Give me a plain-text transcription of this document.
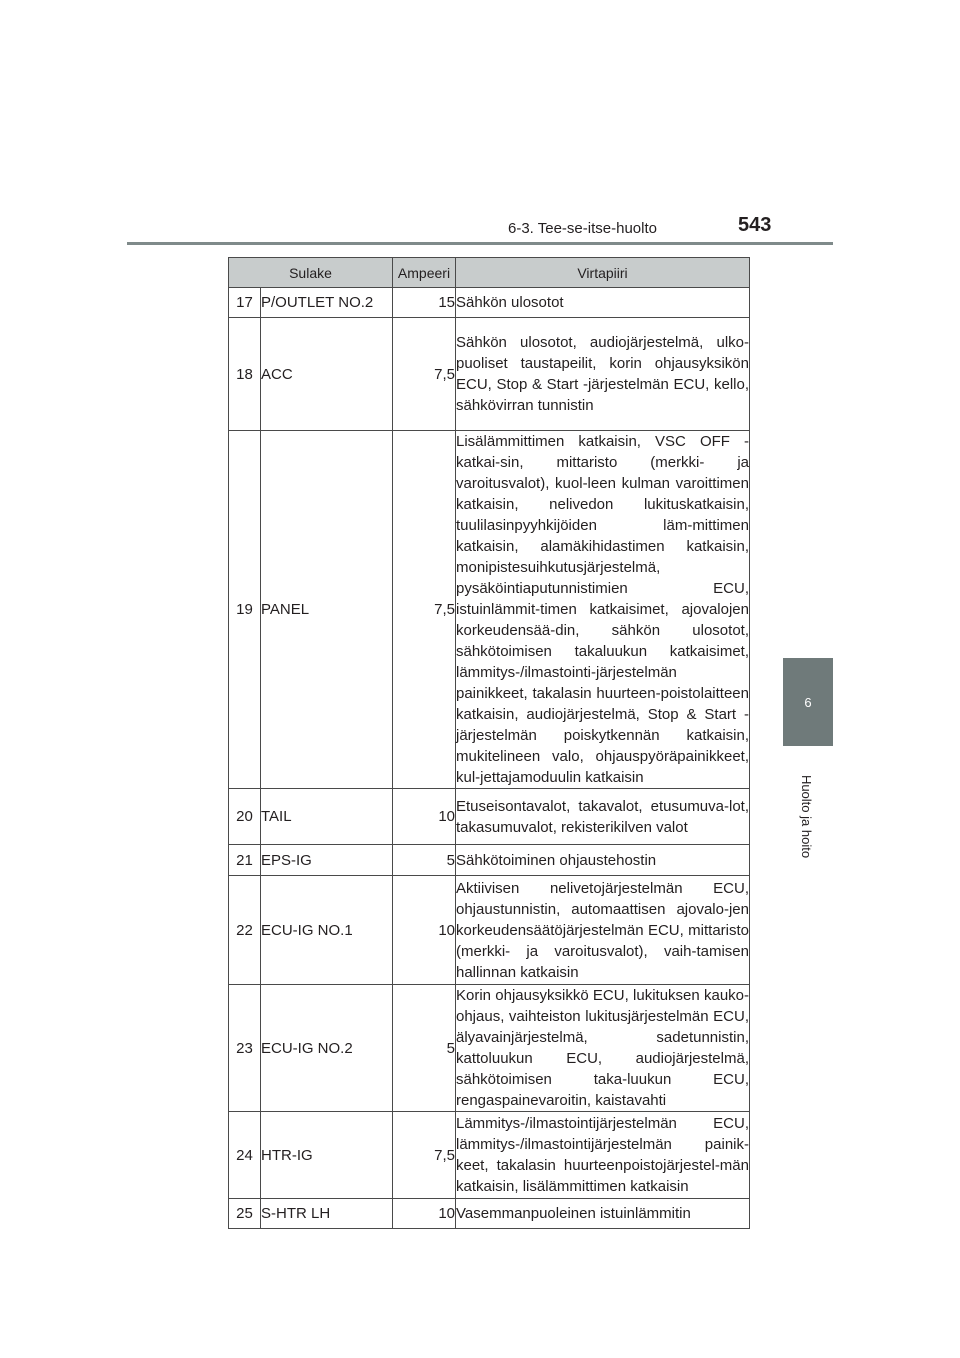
6-3. Tee-se-itse-huolto	543
6
Huolto ja hoito
Sulake		Ampeeri	Virtapiiri
17	P/OUTLET NO.2	15	Sähkön ulosotot
18	ACC	7,5	Sähkön ulosotot, audiojärjestelmä, ulko-puoliset taustapeilit, korin ohjausyksikön ECU, Stop & Start -järjestelmän ECU, kello, sähkövirran tunnistin
19	PANEL	7,5	Lisälämmittimen katkaisin, VSC OFF -katkai-sin, mittaristo (merkki- ja varoitusvalot), kuol-leen kulman varoittimen katkaisin, nelivedon lukituskatkaisin, tuulilasinpyyhkijöiden läm-mittimen katkaisin, alamäkihidastimen katkaisin, monipistesuihkutusjärjestelmä, pysäköintiaputunnistimien ECU, istuinlämmit-timen katkaisimet, ajovalojen korkeudensää-din, sähkön ulosotot, sähkötoimisen takaluukun katkaisimet, lämmitys-/ilmastointi-järjestelmän painikkeet, takalasin huurteen-poistolaitteen katkaisin, audiojärjestelmä, Stop & Start -järjestelmän poiskytkennän katkaisin, mukitelineen valo, ohjauspyöräpainikkeet, kul-jettajamoduulin katkaisin
20	TAIL	10	Etuseisontavalot, takavalot, etusumuva-lot, takasumuvalot, rekisterikilven valot
21	EPS-IG	5	Sähkötoiminen ohjaustehostin
22	ECU-IG NO.1	10	Aktiivisen nelivetojärjestelmän ECU, ohjaustunnistin, automaattisen ajovalo-jen korkeudensäätöjärjestelmän ECU, mittaristo (merkki- ja varoitusvalot), vaih-tamisen hallinnan katkaisin
23	ECU-IG NO.2	5	Korin ohjausyksikkö ECU, lukituksen kauko-ohjaus, vaihteiston lukitusjärjestelmän ECU, älyavainjärjestelmä, sadetunnistin, kattoluukun ECU, audiojärjestelmä, sähkötoimisen taka-luukun ECU, rengaspainevaroitin, kaistavahti
24	HTR-IG	7,5	Lämmitys-/ilmastointijärjestelmän ECU, lämmitys-/ilmastointijärjestelmän painik-keet, takalasin huurteenpoistojärjestel-män katkaisin, lisälämmittimen katkaisin
25	S-HTR LH	10	Vasemmanpuoleinen istuinlämmitin
